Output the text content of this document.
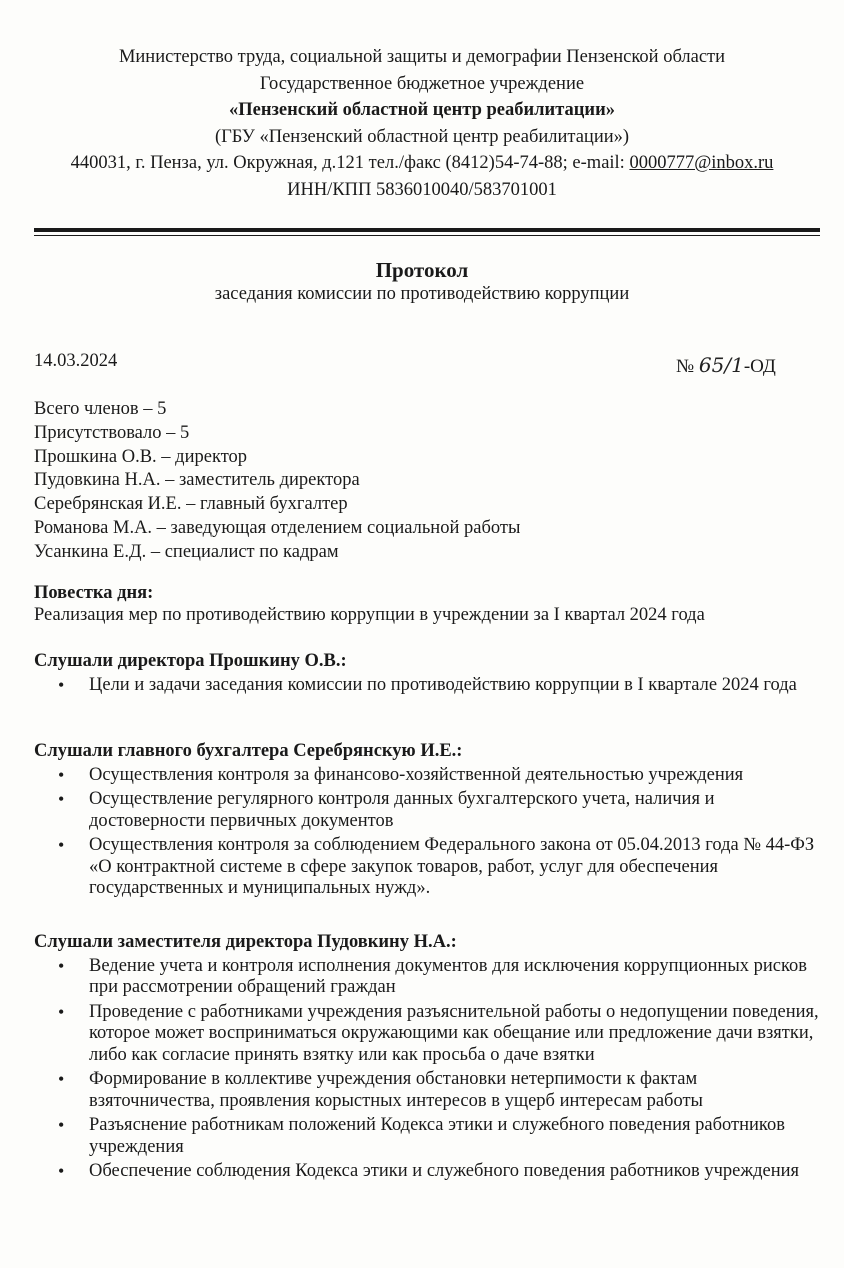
Министерство труда, социальной защиты и демографии Пензенской области
Государственное бюджетное учреждение
«Пензенский областной центр реабилитации»
(ГБУ «Пензенский областной центр реабилитации»)
440031, г. Пенза, ул. Окружная, д.121 тел./факс (8412)54-74-88; e-mail: 0000777@inbox.ru
ИНН/КПП 5836010040/583701001
Протокол
заседания комиссии по противодействию коррупции
14.03.2024	№ 65/1-ОД
Всего членов – 5
Присутствовало – 5
Прошкина О.В. – директор
Пудовкина Н.А. – заместитель директора
Серебрянская И.Е. – главный бухгалтер
Романова М.А. – заведующая отделением социальной работы
Усанкина Е.Д. – специалист по кадрам
Повестка дня:
Реализация мер по противодействию коррупции в учреждении за I квартал 2024 года
Слушали директора Прошкину О.В.:
• Цели и задачи заседания комиссии по противодействию коррупции в I квартале 2024 года
Слушали главного бухгалтера Серебрянскую И.Е.:
• Осуществления контроля за финансово-хозяйственной деятельностью учреждения
• Осуществление регулярного контроля данных бухгалтерского учета, наличия и достоверности первичных документов
• Осуществления контроля за соблюдением Федерального закона от 05.04.2013 года № 44-ФЗ «О контрактной системе в сфере закупок товаров, работ, услуг для обеспечения государственных и муниципальных нужд».
Слушали заместителя директора Пудовкину Н.А.:
• Ведение учета и контроля исполнения документов для исключения коррупционных рисков при рассмотрении обращений граждан
• Проведение с работниками учреждения разъяснительной работы о недопущении поведения, которое может восприниматься окружающими как обещание или предложение дачи взятки, либо как согласие принять взятку или как просьба о даче взятки
• Формирование в коллективе учреждения обстановки нетерпимости к фактам взяточничества, проявления корыстных интересов в ущерб интересам работы
• Разъяснение работникам положений Кодекса этики и служебного поведения работников учреждения
• Обеспечение соблюдения Кодекса этики и служебного поведения работников учреждения
